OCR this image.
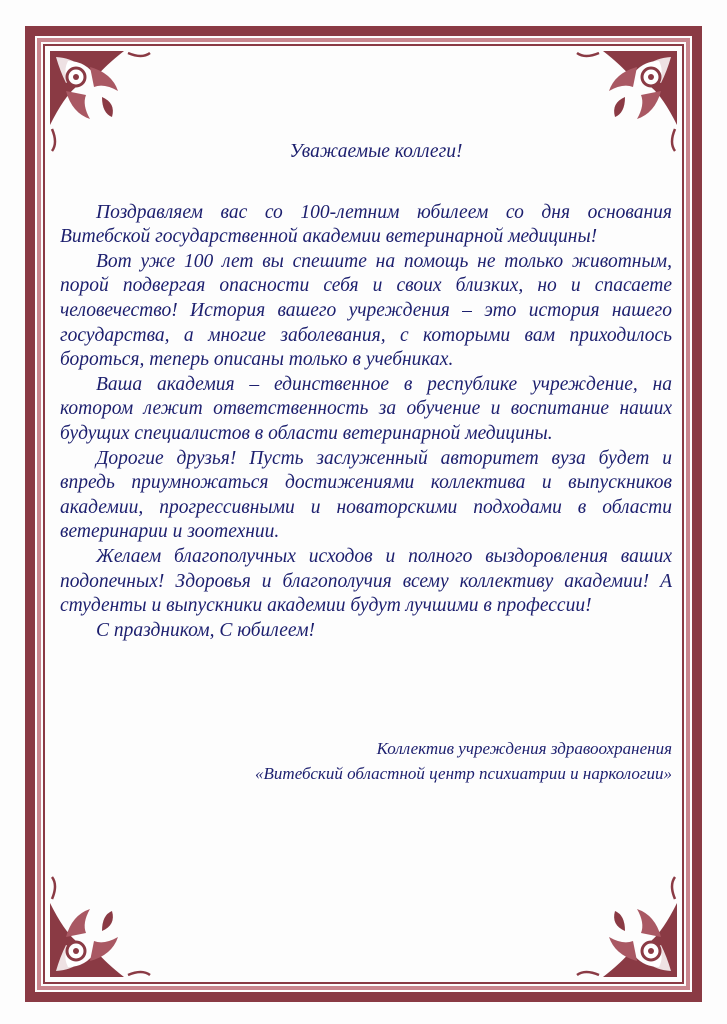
Уважаемые коллеги!

Поздравляем вас со 100-летним юбилеем со дня основания Витебской государственной академии ветеринарной медицины!

Вот уже 100 лет вы спешите на помощь не только животным, порой подвергая опасности себя и своих близких, но и спасаете человечество! История вашего учреждения – это история нашего государства, а многие заболевания, с которыми вам приходилось бороться, теперь описаны только в учебниках.

Ваша академия – единственное в республике учреждение, на котором лежит ответственность за обучение и воспитание наших будущих специалистов в области ветеринарной медицины.

Дорогие друзья! Пусть заслуженный авторитет вуза будет и впредь приумножаться достижениями коллектива и выпускников академии, прогрессивными и новаторскими подходами в области ветеринарии и зоотехнии.

Желаем благополучных исходов и полного выздоровления ваших подопечных! Здоровья и благополучия всему коллективу академии! А студенты и выпускники академии будут лучшими в профессии!

С праздником, С юбилеем!

Коллектив учреждения здравоохранения
«Витебский областной центр психиатрии и наркологии»
